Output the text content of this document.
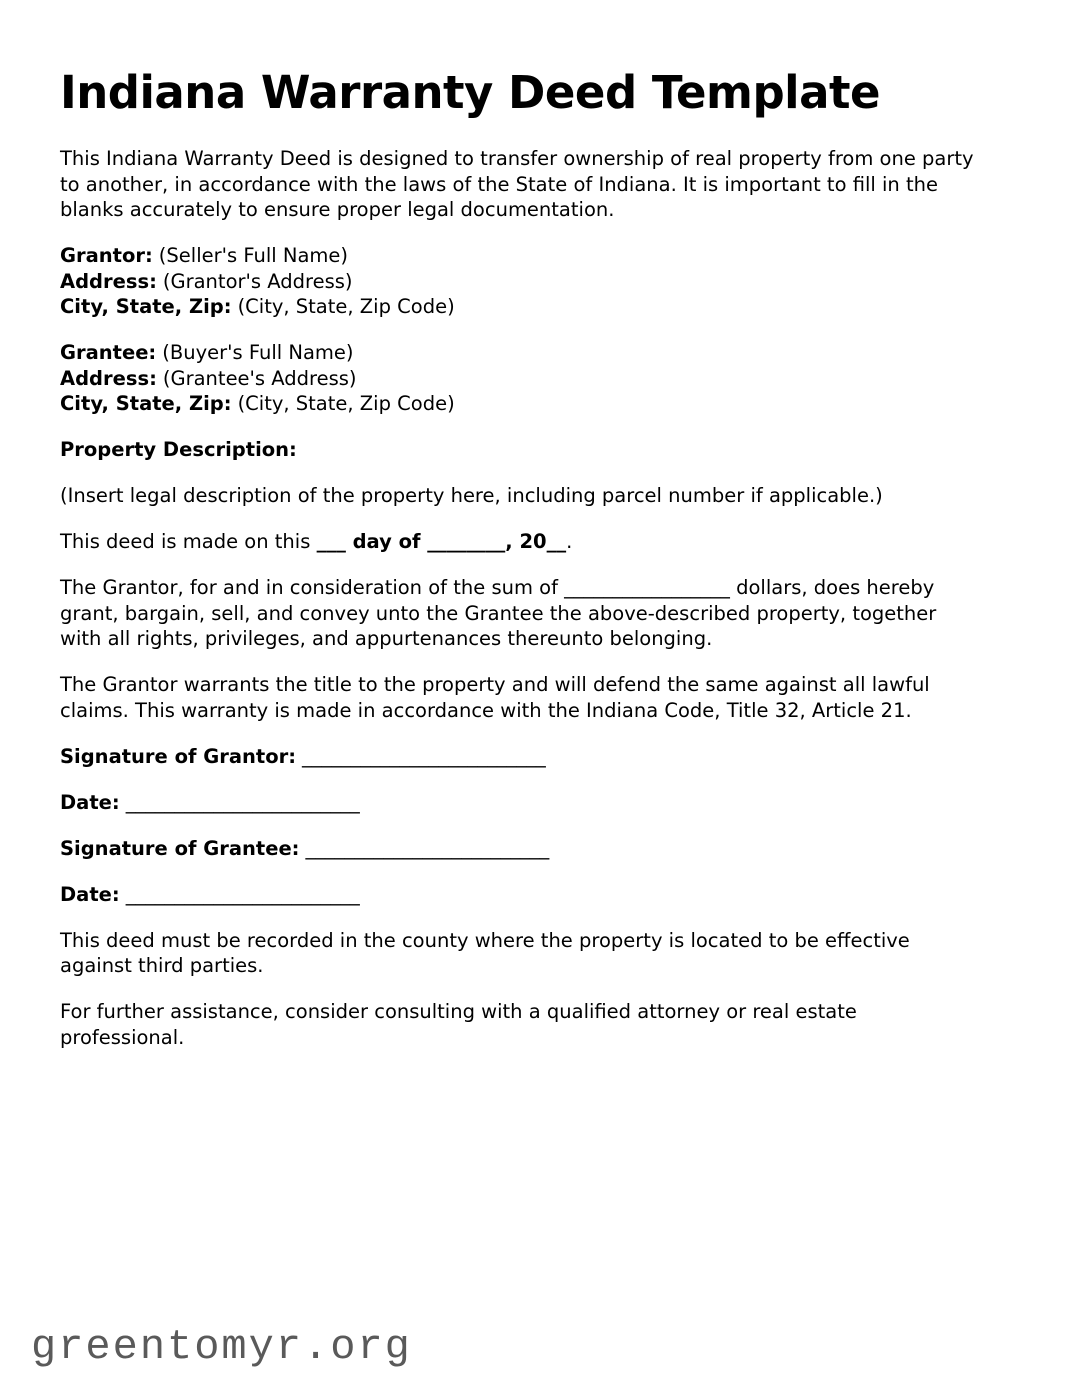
Indiana Warranty Deed Template

This Indiana Warranty Deed is designed to transfer ownership of real property from one party to another, in accordance with the laws of the State of Indiana. It is important to fill in the blanks accurately to ensure proper legal documentation.

Grantor: (Seller's Full Name)
Address: (Grantor's Address)
City, State, Zip: (City, State, Zip Code)

Grantee: (Buyer's Full Name)
Address: (Grantee's Address)
City, State, Zip: (City, State, Zip Code)

Property Description:

(Insert legal description of the property here, including parcel number if applicable.)

This deed is made on this ___ day of ________, 20__.

The Grantor, for and in consideration of the sum of _________________ dollars, does hereby grant, bargain, sell, and convey unto the Grantee the above-described property, together with all rights, privileges, and appurtenances thereunto belonging.

The Grantor warrants the title to the property and will defend the same against all lawful claims. This warranty is made in accordance with the Indiana Code, Title 32, Article 21.

Signature of Grantor: _________________________

Date: ________________________

Signature of Grantee: _________________________

Date: ________________________

This deed must be recorded in the county where the property is located to be effective against third parties.

For further assistance, consider consulting with a qualified attorney or real estate professional.

greentomyr.org
